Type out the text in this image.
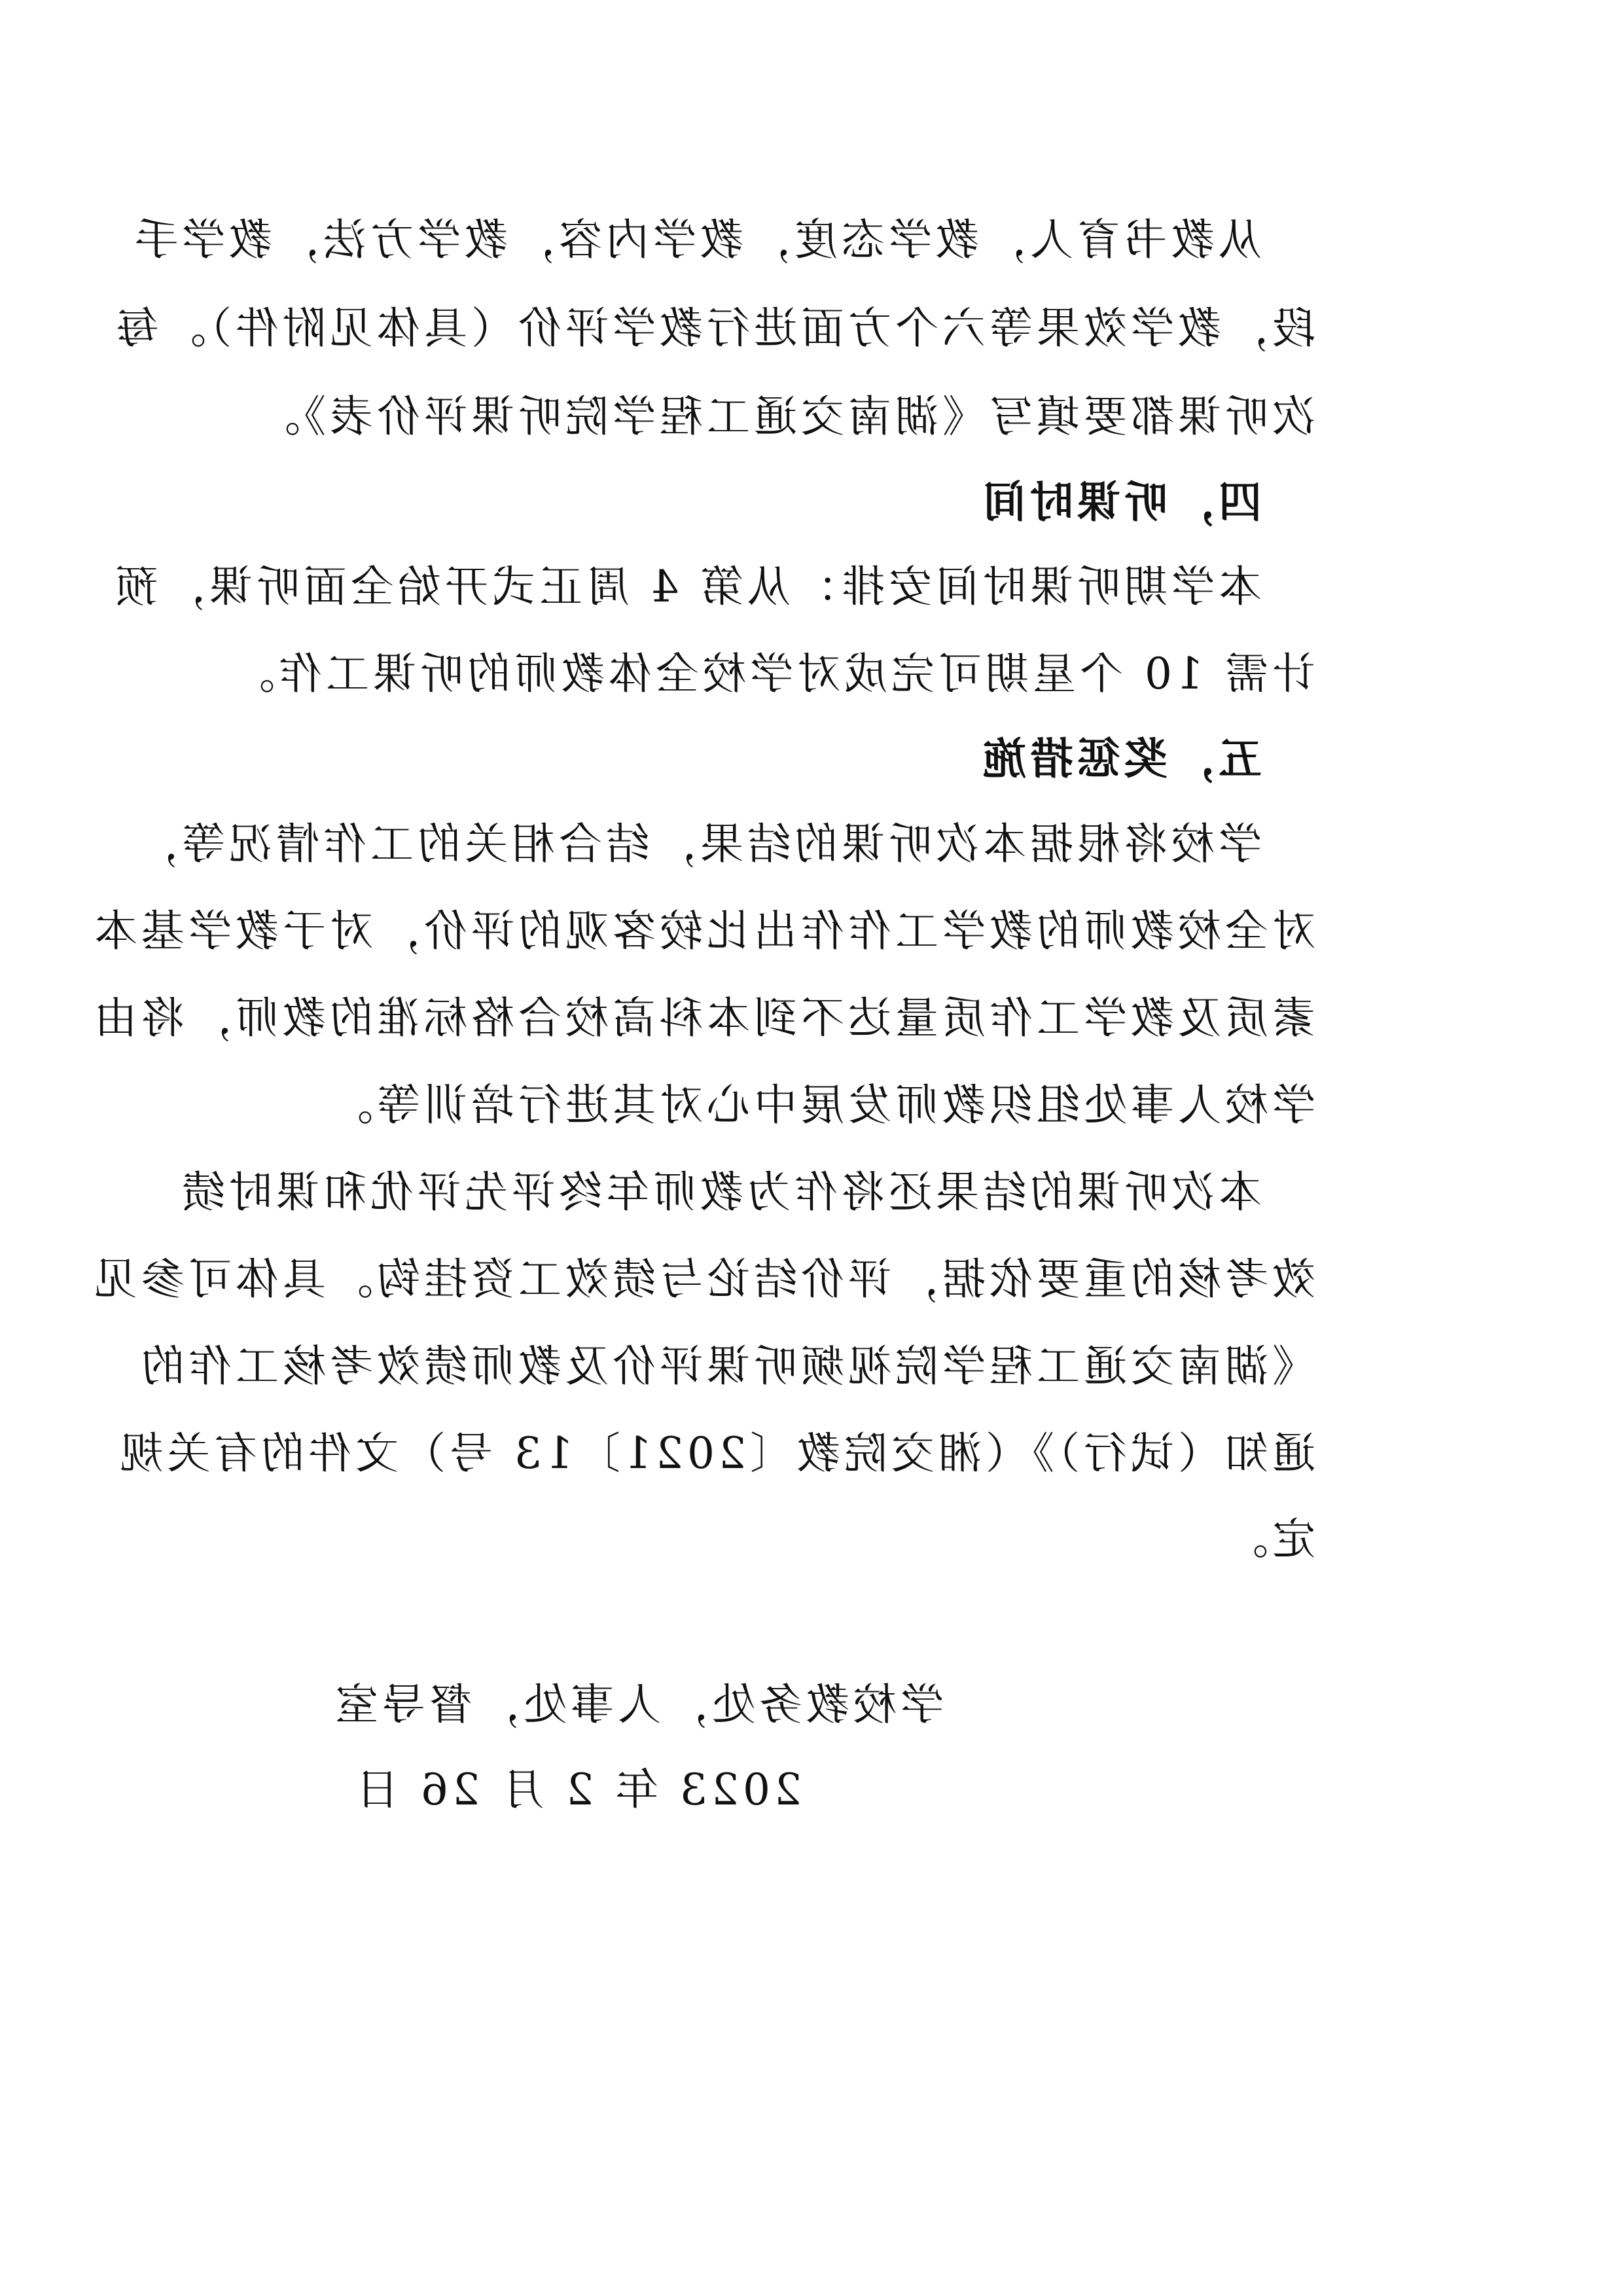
从教书育人，教学态度，教学内容，教学方法，教学手
段，教学效果等六个方面进行教学评价（具体见附件）。每
次听课都要填写《湖南交通工程学院听课评价表》。
四，听课时间
本学期听课时间安排：从第 4 周正式开始全面听课，预
计需 10 个星期可完成对学校全体教师的听课工作。
五，奖惩措施
学校将根据本次听课的结果，结合相关的工作情况等，
对全校教师的教学工作作出比较客观的评价，对于教学基本
素质及教学工作质量达不到本科高校合格标准的教师，将由
学校人事处组织教师发展中心对其进行培训等。
本次听课的结果还将作为教师年终评先评优和课时绩
效考核的重要依据，评价结论与绩效工资挂钩。具体可参见
《湖南交通工程学院视频听课评价及教师绩效考核工作的
通知（试行）》（湘交院教〔2021〕13 号）文件的有关规
定。
学校教务处，人事处，督导室
2023 年 2 月 26 日
